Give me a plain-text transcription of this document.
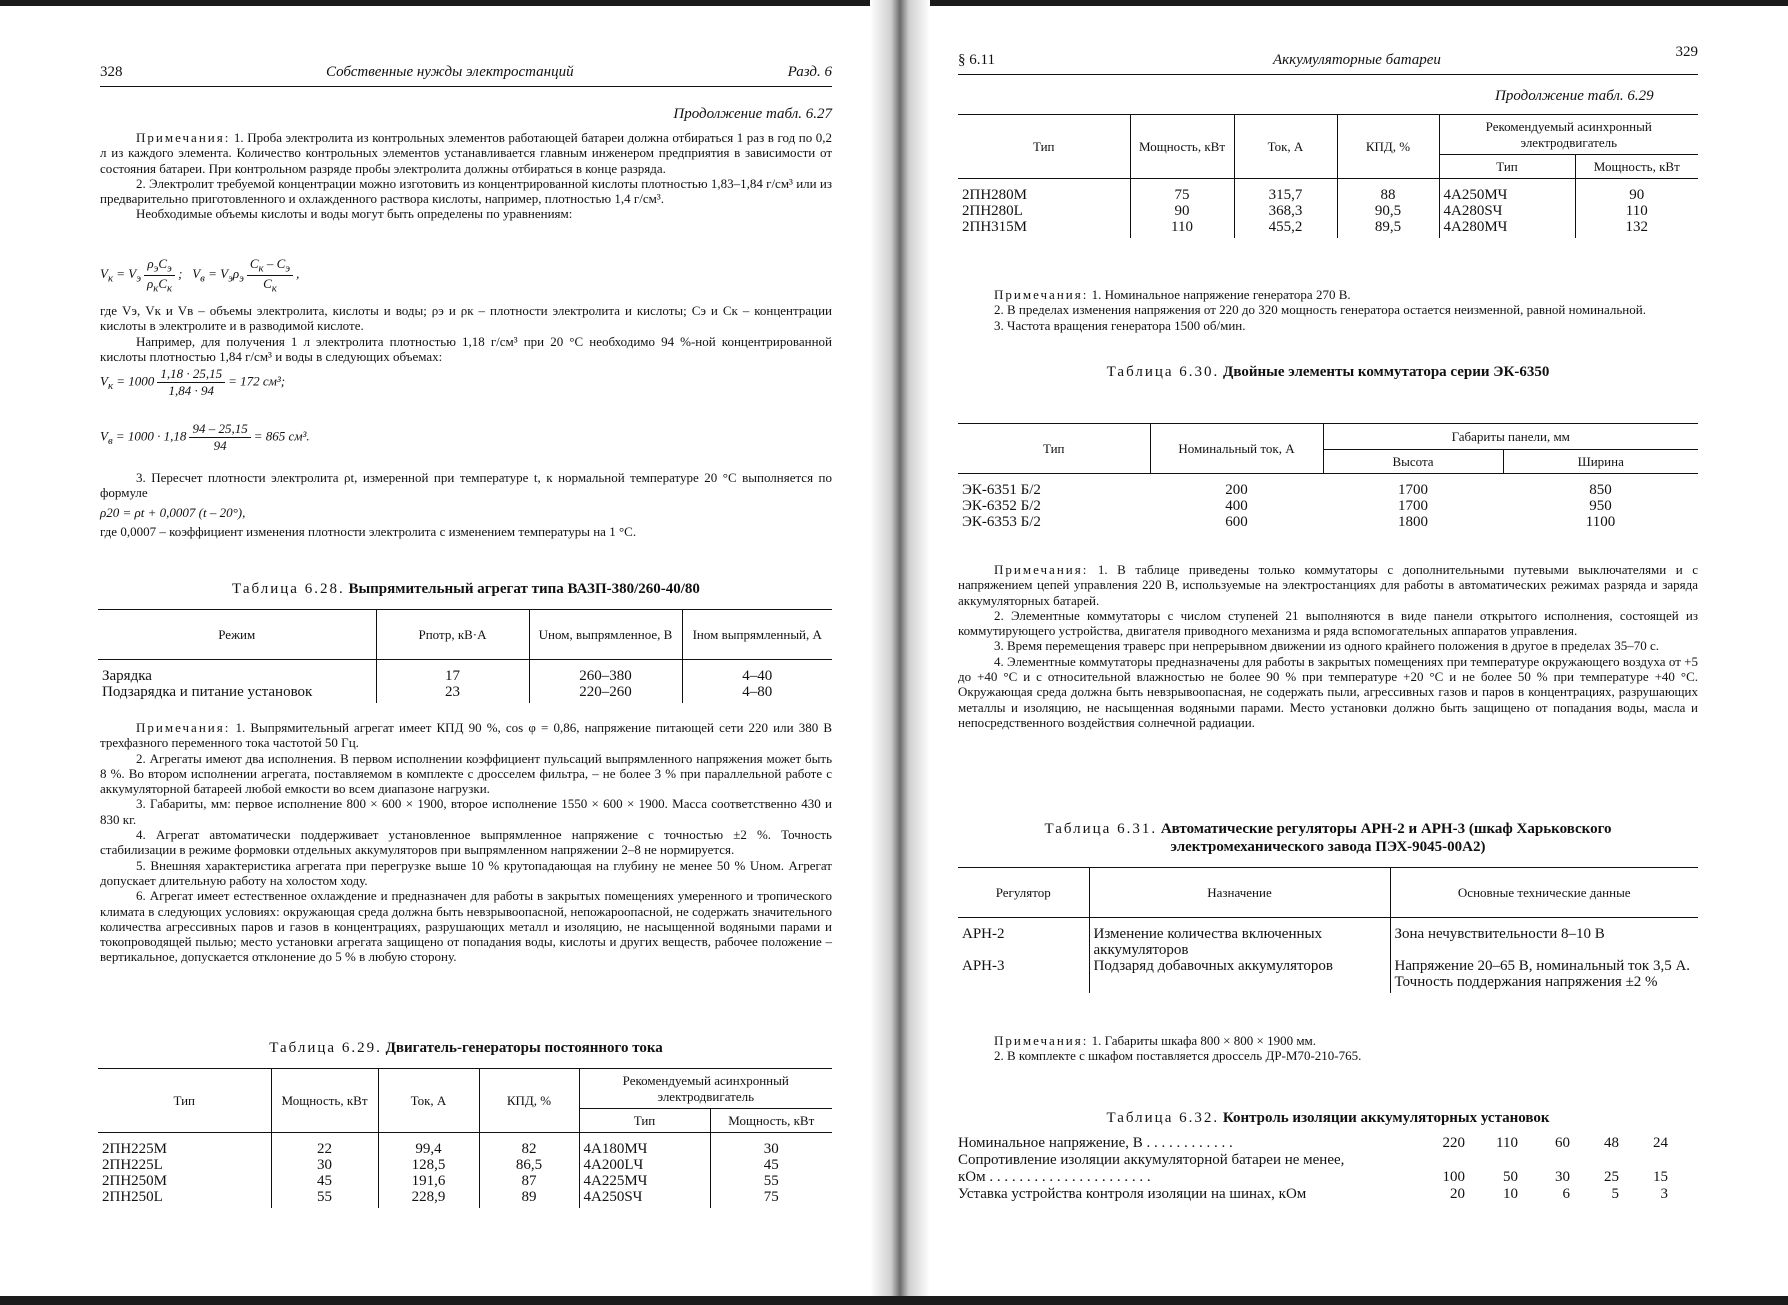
328	Собственные нужды электростанций	Разд. 6
Продолжение табл. 6.27

Примечания: 1. Проба электролита из контрольных элементов работающей батареи должна отбираться 1 раз в год по 0,2 л из каждого элемента. Количество контрольных элементов устанавливается главным инженером предприятия в зависимости от состояния батареи. При контрольном разряде пробы электролита должны отбираться в конце разряда.

2. Электролит требуемой концентрации можно изготовить из концентрированной кислоты плотностью 1,83–1,84 г/см³ или из предварительно приготовленного и охлажденного раствора кислоты, например, плотностью 1,4 г/см³.

Необходимые объемы кислоты и воды могут быть определены по уравнениям:

$V_к = V_э \frac{\rho_эC_э}{\rho_кC_к}$ ;   $V_в = V_э\rho_э \frac{C_к - C_э}{C_к}$ ,

где Vэ, Vк и Vв – объемы электролита, кислоты и воды; ρэ и ρк – плотности электролита и кислоты; Cэ и Cк – концентрации кислоты в электролите и в разводимой кислоте.

Например, для получения 1 л электролита плотностью 1,18 г/см³ при 20 °C необходимо 94 %-ной концентрированной кислоты плотностью 1,84 г/см³ и воды в следующих объемах:

$V_к = 1000 \frac{1,18 \cdot 25,15}{1,84 \cdot 94} = 172$ см³;
$V_в = 1000 \cdot 1,18 \frac{94 - 25,15}{94} = 865$ см³.

3. Пересчет плотности электролита ρt, измеренной при температуре t, к нормальной температуре 20 °C выполняется по формуле

ρ20 = ρt + 0,0007 (t – 20°),

где 0,0007 – коэффициент изменения плотности электролита с изменением температуры на 1 °C.

Таблица 6.28. Выпрямительный агрегат типа ВАЗП-380/260-40/80
Режим	Pпотр, кВ·А	Uном, выпрямленное, В	Iном выпрямленный, А
Зарядка	17	260–380	4–40
Подзарядка и питание установок	23	220–260	4–80

Примечания: 1. Выпрямительный агрегат имеет КПД 90 %, cos φ = 0,86, напряжение питающей сети 220 или 380 В трехфазного переменного тока частотой 50 Гц.

2. Агрегаты имеют два исполнения. В первом исполнении коэффициент пульсаций выпрямленного напряжения может быть 8 %. Во втором исполнении агрегата, поставляемом в комплекте с дросселем фильтра, – не более 3 % при параллельной работе с аккумуляторной батареей любой емкости во всем диапазоне нагрузки.

3. Габариты, мм: первое исполнение 800 × 600 × 1900, второе исполнение 1550 × 600 × 1900. Масса соответственно 430 и 830 кг.

4. Агрегат автоматически поддерживает установленное выпрямленное напряжение с точностью ±2 %. Точность стабилизации в режиме формовки отдельных аккумуляторов при выпрямленном напряжении 2–8 не нормируется.

5. Внешняя характеристика агрегата при перегрузке выше 10 % крутопадающая на глубину не менее 50 % Uном. Агрегат допускает длительную работу на холостом ходу.

6. Агрегат имеет естественное охлаждение и предназначен для работы в закрытых помещениях умеренного и тропического климата в следующих условиях: окружающая среда должна быть невзрывоопасной, непожароопасной, не содержать значительного количества агрессивных паров и газов в концентрациях, разрушающих металл и изоляцию, не насыщенной водяными парами и токопроводящей пылью; место установки агрегата защищено от попадания воды, кислоты и других веществ, рабочее положение – вертикальное, допускается отклонение до 5 % в любую сторону.

Таблица 6.29. Двигатель-генераторы постоянного тока
Тип	Мощность, кВт	Ток, А	КПД, %	Рекомендуемый асинхронный электродвигатель	
				Тип	Мощность, кВт
2ПН225М	22	99,4	82	4А180МЧ	30
2ПН225L	30	128,5	86,5	4А200LЧ	45
2ПН250М	45	191,6	87	4А225МЧ	55
2ПН250L	55	228,9	89	4А250SЧ	75
§ 6.11	Аккумуляторные батареи	329
Продолжение табл. 6.29
Тип	Мощность, кВт	Ток, А	КПД, %	Рекомендуемый асинхронный электродвигатель	
				Тип	Мощность, кВт
2ПН280М	75	315,7	88	4А250МЧ	90
2ПН280L	90	368,3	90,5	4А280SЧ	110
2ПН315М	110	455,2	89,5	4А280МЧ	132

Примечания: 1. Номинальное напряжение генератора 270 В.

2. В пределах изменения напряжения от 220 до 320 мощность генератора остается неизменной, равной номинальной.

3. Частота вращения генератора 1500 об/мин.

Таблица 6.30. Двойные элементы коммутатора серии ЭК-6350
Тип	Номинальный ток, А	Габариты панели, мм	
		Высота	Ширина
ЭК-6351 Б/2	200	1700	850
ЭК-6352 Б/2	400	1700	950
ЭК-6353 Б/2	600	1800	1100

Примечания: 1. В таблице приведены только коммутаторы с дополнительными путевыми выключателями и с напряжением цепей управления 220 В, используемые на электростанциях для работы в автоматических режимах разряда и заряда аккумуляторных батарей.

2. Элементные коммутаторы с числом ступеней 21 выполняются в виде панели открытого исполнения, состоящей из коммутирующего устройства, двигателя приводного механизма и ряда вспомогательных аппаратов управления.

3. Время перемещения траверс при непрерывном движении из одного крайнего положения в другое в пределах 35–70 с.

4. Элементные коммутаторы предназначены для работы в закрытых помещениях при температуре окружающего воздуха от +5 до +40 °C и с относительной влажностью не более 90 % при температуре +20 °C и не более 50 % при температуре +40 °C. Окружающая среда должна быть невзрывоопасная, не содержать пыли, агрессивных газов и паров в концентрациях, разрушающих металлы и изоляцию, не насыщенная водяными парами. Место установки должно быть защищено от попадания воды, масла и непосредственного воздействия солнечной радиации.

Таблица 6.31. Автоматические регуляторы АРН-2 и АРН-3 (шкаф Харьковского
электромеханического завода ПЭХ-9045-00А2)
Регулятор	Назначение	Основные технические данные
АРН-2	Изменение количества включенных аккумуляторов	Зона нечувствительности 8–10 В
АРН-3	Подзаряд добавочных аккумуляторов	Напряжение 20–65 В, номинальный ток 3,5 А. Точность поддержания напряжения ±2 %

Примечания: 1. Габариты шкафа 800 × 800 × 1900 мм.

2. В комплекте с шкафом поставляется дроссель ДР-М70-210-765.

Таблица 6.32. Контроль изоляции аккумуляторных установок
Номинальное напряжение, В . . . . . . . . . . . .	220	110	60	48	24
Сопротивление изоляции аккумуляторной батареи не менее,
кОм . . . . . . . . . . . . . . . . . . . . . .	100	50	30	25	15
Уставка устройства контроля изоляции на шинах, кОм	20	10	6	5	3
